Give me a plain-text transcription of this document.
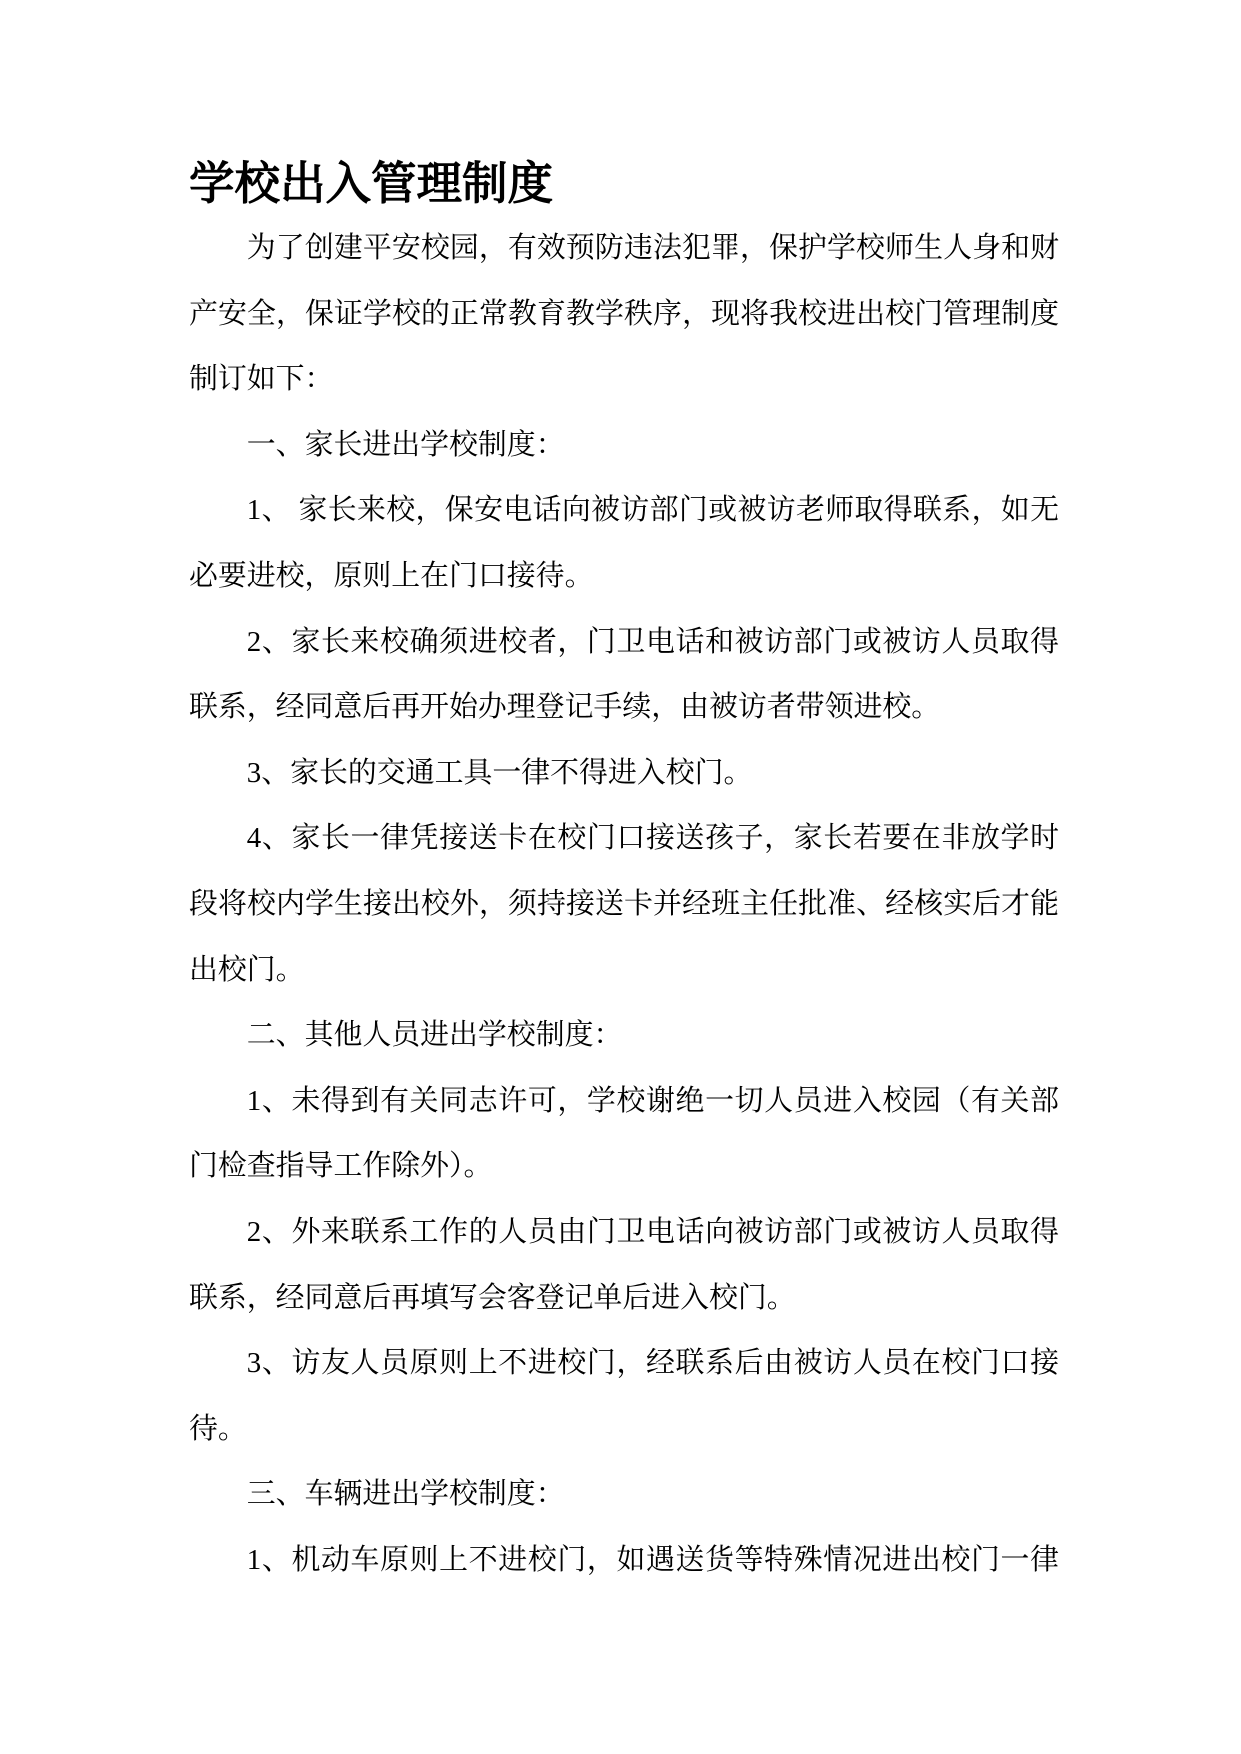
学校出入管理制度
为了创建平安校园，有效预防违法犯罪，保护学校师生人身和财
产安全，保证学校的正常教育教学秩序，现将我校进出校门管理制度
制订如下：
一、家长进出学校制度：
1、 家长来校，保安电话向被访部门或被访老师取得联系，如无
必要进校，原则上在门口接待。
2、家长来校确须进校者，门卫电话和被访部门或被访人员取得
联系，经同意后再开始办理登记手续，由被访者带领进校。
3、家长的交通工具一律不得进入校门。
4、家长一律凭接送卡在校门口接送孩子，家长若要在非放学时
段将校内学生接出校外，须持接送卡并经班主任批准、经核实后才能
出校门。
二、其他人员进出学校制度：
1、未得到有关同志许可，学校谢绝一切人员进入校园（有关部
门检查指导工作除外）。
2、外来联系工作的人员由门卫电话向被访部门或被访人员取得
联系，经同意后再填写会客登记单后进入校门。
3、访友人员原则上不进校门，经联系后由被访人员在校门口接
待。
三、车辆进出学校制度：
1、机动车原则上不进校门，如遇送货等特殊情况进出校门一律
